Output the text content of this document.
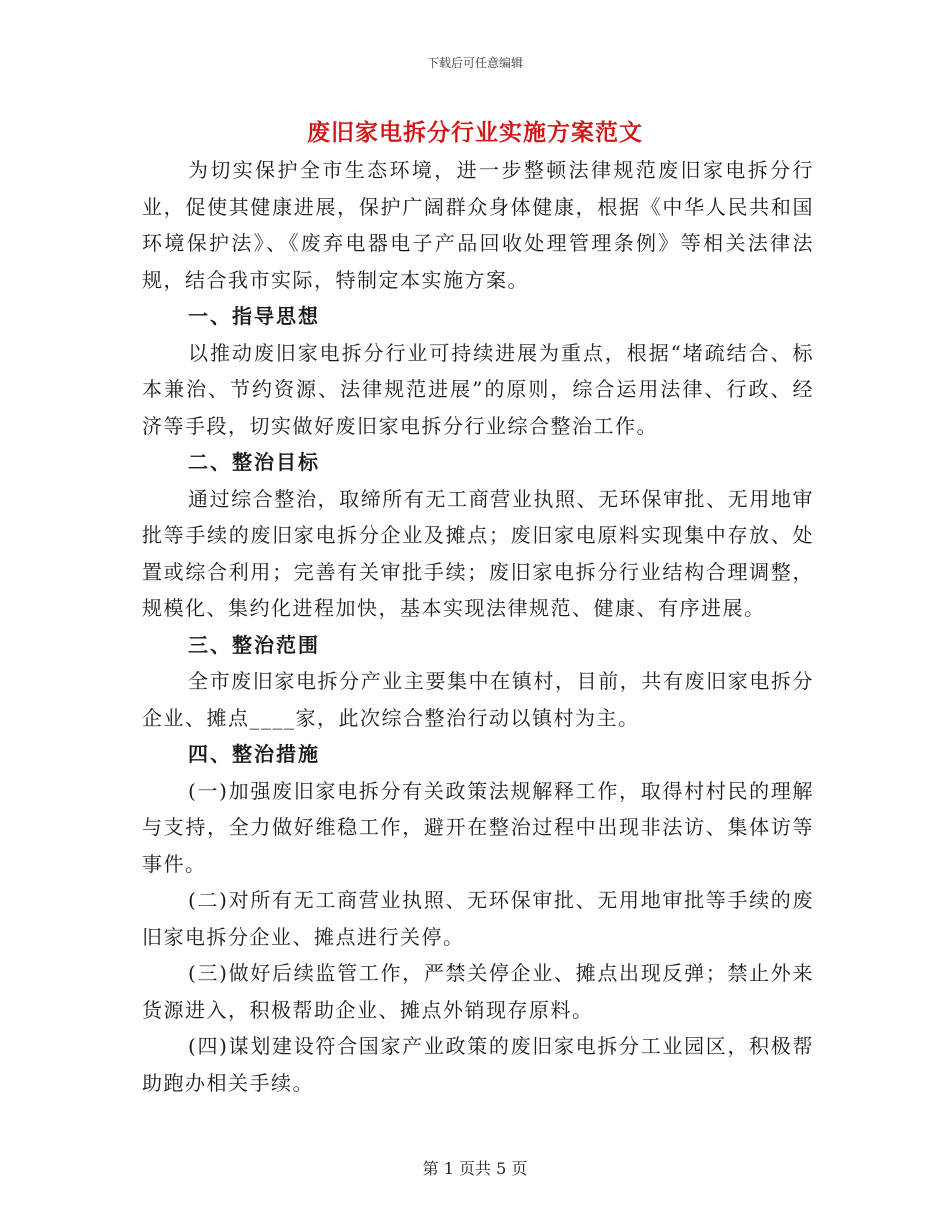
下载后可任意编辑
废旧家电拆分行业实施方案范文

为切实保护全市生态环境，进一步整顿法律规范废旧家电拆分行业，促使其健康进展，保护广阔群众身体健康，根据《中华人民共和国环境保护法》、《废弃电器电子产品回收处理管理条例》等相关法律法规，结合我市实际，特制定本实施方案。

一、指导思想

以推动废旧家电拆分行业可持续进展为重点，根据“堵疏结合、标本兼治、节约资源、法律规范进展”的原则，综合运用法律、行政、经济等手段，切实做好废旧家电拆分行业综合整治工作。

二、整治目标

通过综合整治，取缔所有无工商营业执照、无环保审批、无用地审批等手续的废旧家电拆分企业及摊点；废旧家电原料实现集中存放、处置或综合利用；完善有关审批手续；废旧家电拆分行业结构合理调整，规模化、集约化进程加快，基本实现法律规范、健康、有序进展。

三、整治范围

全市废旧家电拆分产业主要集中在镇村，目前，共有废旧家电拆分企业、摊点____家，此次综合整治行动以镇村为主。

四、整治措施

(一)加强废旧家电拆分有关政策法规解释工作，取得村村民的理解与支持，全力做好维稳工作，避开在整治过程中出现非法访、集体访等事件。

(二)对所有无工商营业执照、无环保审批、无用地审批等手续的废旧家电拆分企业、摊点进行关停。

(三)做好后续监管工作，严禁关停企业、摊点出现反弹；禁止外来货源进入，积极帮助企业、摊点外销现存原料。

(四)谋划建设符合国家产业政策的废旧家电拆分工业园区，积极帮助跑办相关手续。

第 1 页共 5 页
